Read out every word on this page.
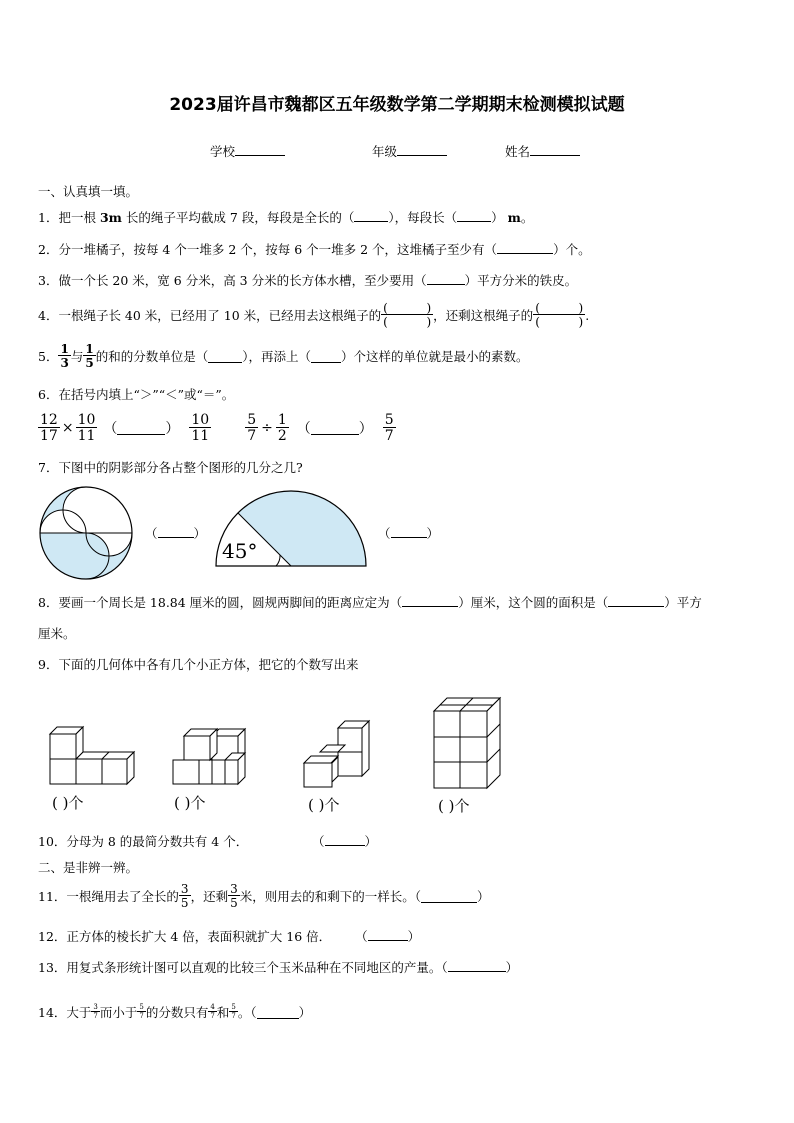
2023届许昌市魏都区五年级数学第二学期期末检测模拟试题
学校	年级	姓名
一、认真填一填。
1．把一根 3m 长的绳子平均截成 7 段，每段是全长的（	），每段长（	） m。
2．分一堆橘子，按每 4 个一堆多 2 个，按每 6 个一堆多 2 个，这堆橘子至少有（	）个。
3．做一个长 20 米，宽 6 分米，高 3 分米的长方体水槽，至少要用（	）平方分米的铁皮。
4． 一根绳子长 40 米，已经用了 10 米，已经用去这根绳子的 (	)
(	) ，还剩这根绳子的 (	)
(	) .
5． $\frac{1}{3}$ 与 $\frac{1}{5}$ 的和的分数单位是（	），再添上（ ）个这样的单位就是最小的素数。
6．在括号内填上“＞”“＜”或“＝”。
$\frac{12}{17} \times \frac{10}{11}$ （	） $\frac{10}{11} \frac{5}{7} \div \frac{1}{2}$ （	） $\frac{5}{7}$
7．下图中的阴影部分各占整个图形的几分之几?
（	）
45°
（	）
8．要画一个周长是 18.84 厘米的圆，圆规两脚间的距离应定为（	）厘米，这个圆的面积是（	）平方
厘米。
9．下面的几何体中各有几个小正方体，把它的个数写出来
( )个	( )个	( )个	( )个
10．分母为 8 的最简分数共有 4 个．	（	）
二、是非辨一辨。
11． 一根绳用去了全长的 $\frac{3}{5}$ ，还剩 $\frac{3}{5}$ 米，则用去的和剩下的一样长。（	）
12．正方体的棱长扩大 4 倍，表面积就扩大 16 倍． （	）
13．用复式条形统计图可以直观的比较三个玉米品种在不同地区的产量。（	）
14． 大于 $\frac{3}{7}$ 而小于 $\frac{5}{7}$ 的分数只有 $\frac{4}{7}$ 和 $\frac{5}{7}$ 。（	）
